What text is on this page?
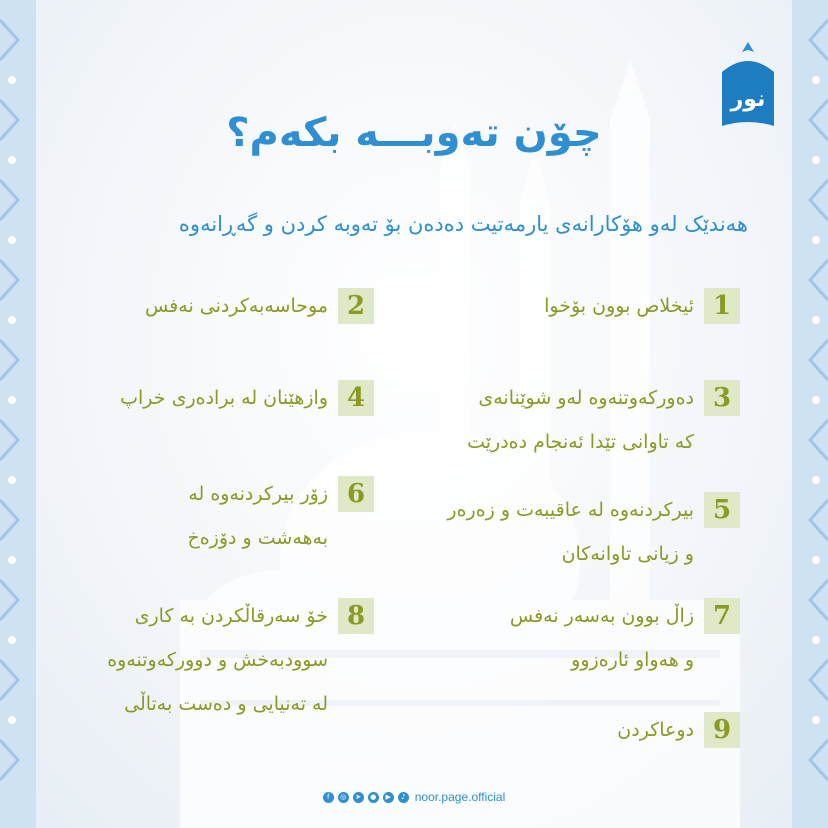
نور
چۆن تەوبـــە بکەم؟
هەندێک لەو هۆکارانەی یارمەتیت دەدەن بۆ تەوبە کردن و گەڕانەوە
1
ئیخلاص بوون بۆخوا
3
دەورکەوتنەوە لەو شوێنانەی
کە تاوانی تێدا ئەنجام دەدرێت
5
بیرکردنەوە لە عاقیبەت و زەرەر
و زیانی تاوانەکان
7
زاڵ بوون بەسەر نەفس
و هەواو ئارەزوو
9
دوعاکردن
2
موحاسەبەکردنی نەفس
4
وازهێنان لە برادەری خراپ
6
زۆر بیرکردنەوە لە
بەهەشت و دۆزەخ
8
خۆ سەرقاڵکردن بە کاری
سوودبەخش و دوورکەوتنەوە
لە تەنیایی و دەست بەتاڵی
f	◎	➤	●	▶	♪ noor.page.official
